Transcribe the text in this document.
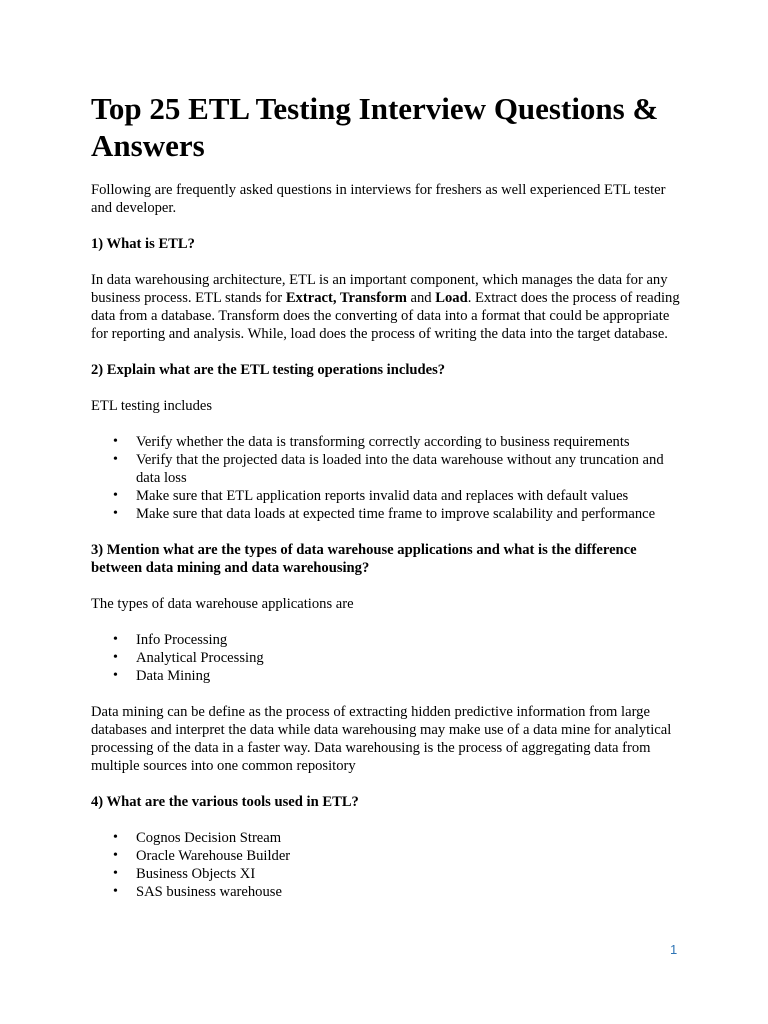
Top 25 ETL Testing Interview Questions & Answers

Following are frequently asked questions in interviews for freshers as well experienced ETL tester and developer.

1) What is ETL?

In data warehousing architecture, ETL is an important component, which manages the data for any business process. ETL stands for Extract, Transform and Load. Extract does the process of reading data from a database. Transform does the converting of data into a format that could be appropriate for reporting and analysis. While, load does the process of writing the data into the target database.

2) Explain what are the ETL testing operations includes?

ETL testing includes

• Verify whether the data is transforming correctly according to business requirements
• Verify that the projected data is loaded into the data warehouse without any truncation and data loss
• Make sure that ETL application reports invalid data and replaces with default values
• Make sure that data loads at expected time frame to improve scalability and performance

3) Mention what are the types of data warehouse applications and what is the difference between data mining and data warehousing?

The types of data warehouse applications are

• Info Processing
• Analytical Processing
• Data Mining

Data mining can be define as the process of extracting hidden predictive information from large databases and interpret the data while data warehousing may make use of a data mine for analytical processing of the data in a faster way. Data warehousing is the process of aggregating data from multiple sources into one common repository

4) What are the various tools used in ETL?

• Cognos Decision Stream
• Oracle Warehouse Builder
• Business Objects XI
• SAS business warehouse
1
